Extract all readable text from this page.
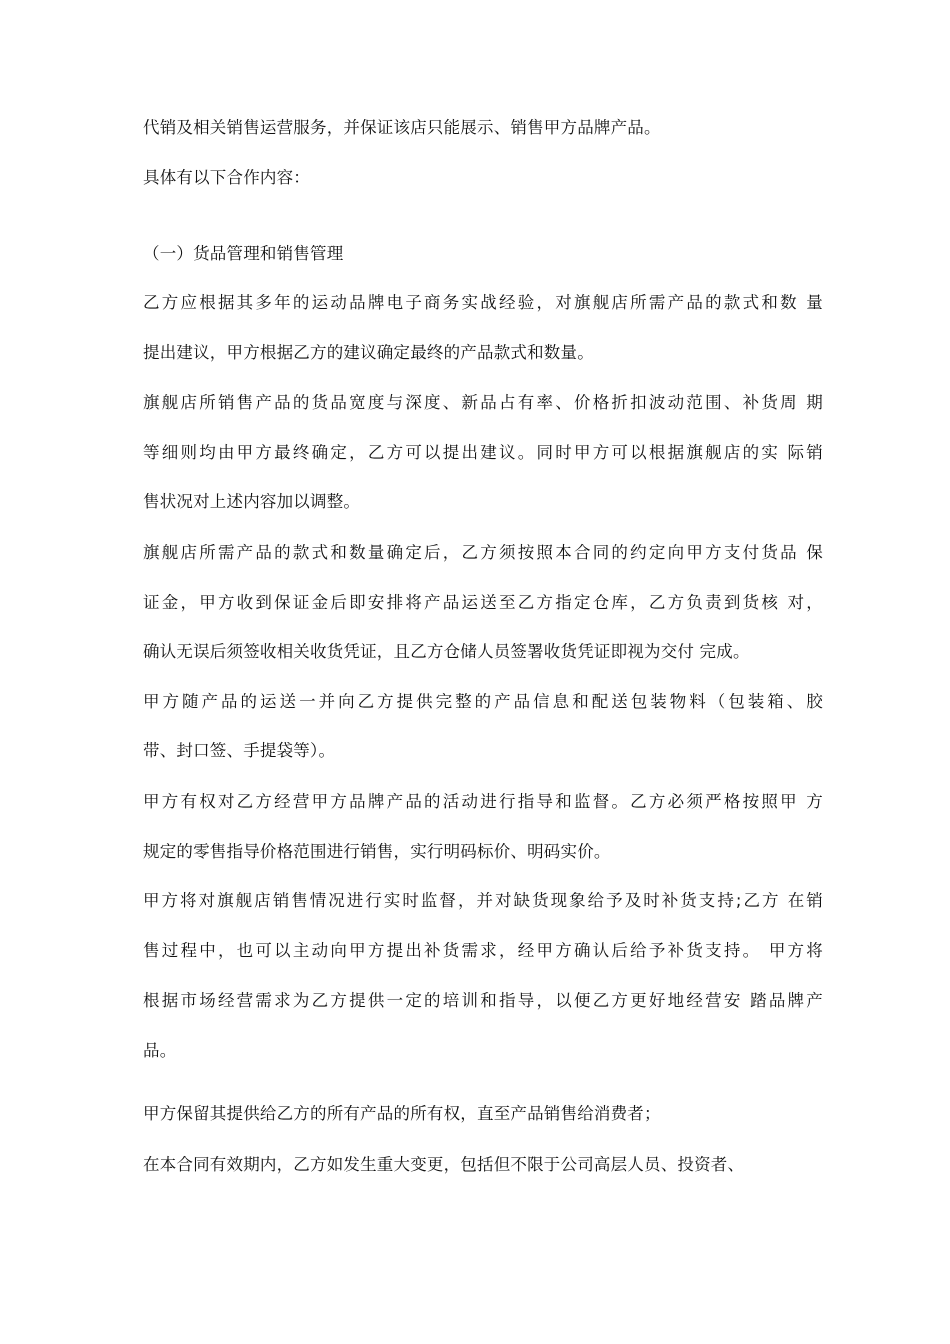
代销及相关销售运营服务，并保证该店只能展示、销售甲方品牌产品。
具体有以下合作内容：
（一）货品管理和销售管理
乙方应根据其多年的运动品牌电子商务实战经验，对旗舰店所需产品的款式和数 量
提出建议，甲方根据乙方的建议确定最终的产品款式和数量。
旗舰店所销售产品的货品宽度与深度、新品占有率、价格折扣波动范围、补货周 期
等细则均由甲方最终确定，乙方可以提出建议。同时甲方可以根据旗舰店的实 际销
售状况对上述内容加以调整。
旗舰店所需产品的款式和数量确定后，乙方须按照本合同的约定向甲方支付货品 保
证金，甲方收到保证金后即安排将产品运送至乙方指定仓库，乙方负责到货核 对，
确认无误后须签收相关收货凭证，且乙方仓储人员签署收货凭证即视为交付 完成。
甲方随产品的运送一并向乙方提供完整的产品信息和配送包装物料（包装箱、胶
带、封口签、手提袋等）。
甲方有权对乙方经营甲方品牌产品的活动进行指导和监督。乙方必须严格按照甲 方
规定的零售指导价格范围进行销售，实行明码标价、明码实价。
甲方将对旗舰店销售情况进行实时监督，并对缺货现象给予及时补货支持;乙方 在销
售过程中，也可以主动向甲方提出补货需求，经甲方确认后给予补货支持。 甲方将
根据市场经营需求为乙方提供一定的培训和指导，以便乙方更好地经营安 踏品牌产
品。
甲方保留其提供给乙方的所有产品的所有权，直至产品销售给消费者；
在本合同有效期内，乙方如发生重大变更，包括但不限于公司高层人员、投资者、
